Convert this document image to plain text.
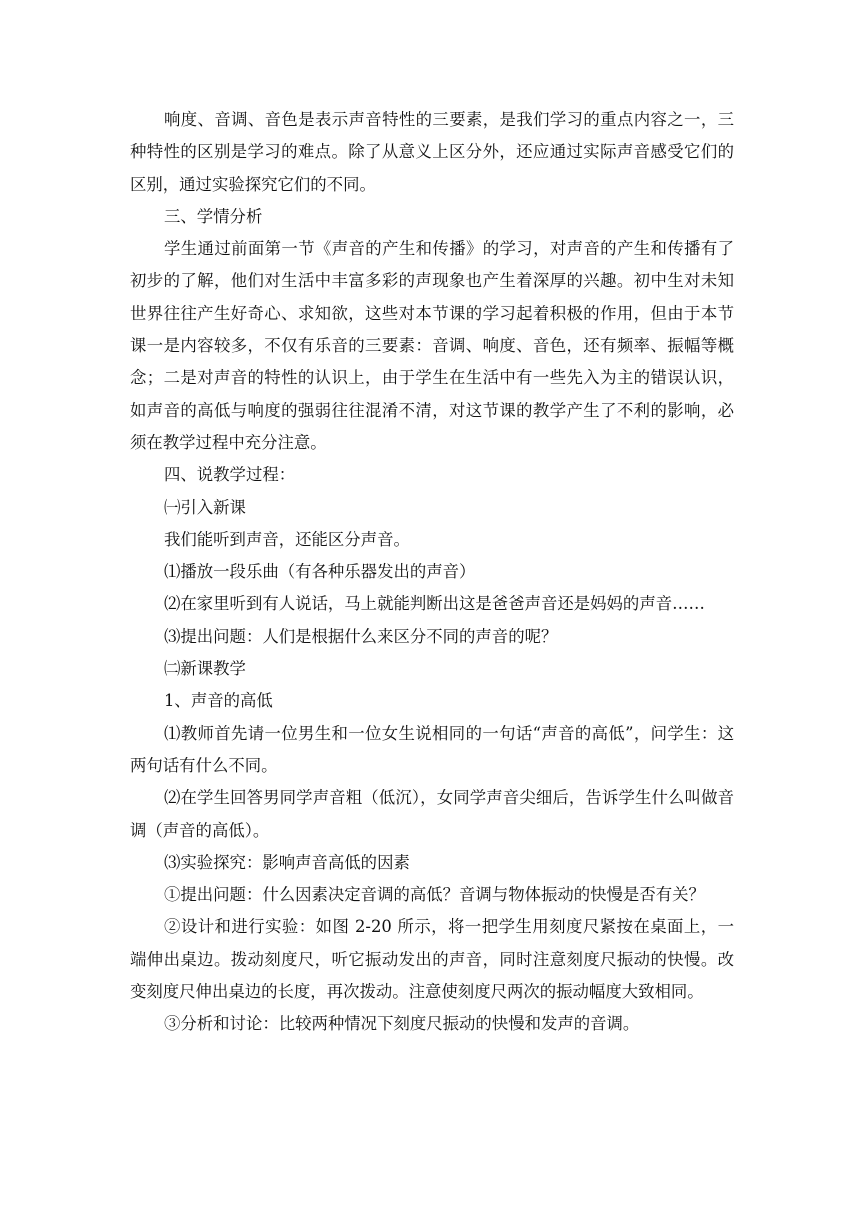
响度、音调、音色是表示声音特性的三要素，是我们学习的重点内容之一，三种特性的区别是学习的难点。除了从意义上区分外，还应通过实际声音感受它们的区别，通过实验探究它们的不同。

三、学情分析

学生通过前面第一节《声音的产生和传播》的学习，对声音的产生和传播有了初步的了解，他们对生活中丰富多彩的声现象也产生着深厚的兴趣。初中生对未知世界往往产生好奇心、求知欲，这些对本节课的学习起着积极的作用，但由于本节课一是内容较多，不仅有乐音的三要素：音调、响度、音色，还有频率、振幅等概念；二是对声音的特性的认识上，由于学生在生活中有一些先入为主的错误认识，如声音的高低与响度的强弱往往混淆不清，对这节课的教学产生了不利的影响，必须在教学过程中充分注意。

四、说教学过程：

㈠引入新课

我们能听到声音，还能区分声音。

⑴播放一段乐曲（有各种乐器发出的声音）

⑵在家里听到有人说话，马上就能判断出这是爸爸声音还是妈妈的声音……

⑶提出问题：人们是根据什么来区分不同的声音的呢？

㈡新课教学

1、声音的高低

⑴教师首先请一位男生和一位女生说相同的一句话“声音的高低”，问学生：这两句话有什么不同。

⑵在学生回答男同学声音粗（低沉），女同学声音尖细后，告诉学生什么叫做音调（声音的高低）。

⑶实验探究：影响声音高低的因素

①提出问题：什么因素决定音调的高低？音调与物体振动的快慢是否有关？

②设计和进行实验：如图 2-20 所示，将一把学生用刻度尺紧按在桌面上，一端伸出桌边。拨动刻度尺，听它振动发出的声音，同时注意刻度尺振动的快慢。改变刻度尺伸出桌边的长度，再次拨动。注意使刻度尺两次的振动幅度大致相同。

③分析和讨论：比较两种情况下刻度尺振动的快慢和发声的音调。
